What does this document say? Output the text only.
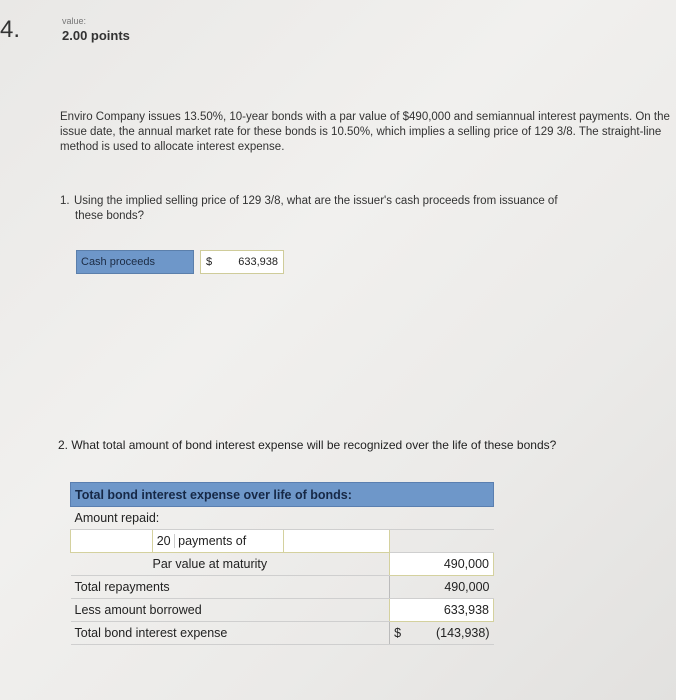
4.	value:
2.00 points
Enviro Company issues 13.50%, 10-year bonds with a par value of $490,000 and semiannual interest payments. On the issue date, the annual market rate for these bonds is 10.50%, which implies a selling price of 129 3/8. The straight-line method is used to allocate interest expense.
1. Using the implied selling price of 129 3/8, what are the issuer's cash proceeds from issuance of
these bonds?
Cash proceeds	$ 633,938
2. What total amount of bond interest expense will be recognized over the life of these bonds?
Total bond interest expense over life of bonds:			
Amount repaid:			
	20 payments of		
Par value at maturity			490,000
Total repayments			490,000
Less amount borrowed			633,938
Total bond interest expense			$ (143,938)
